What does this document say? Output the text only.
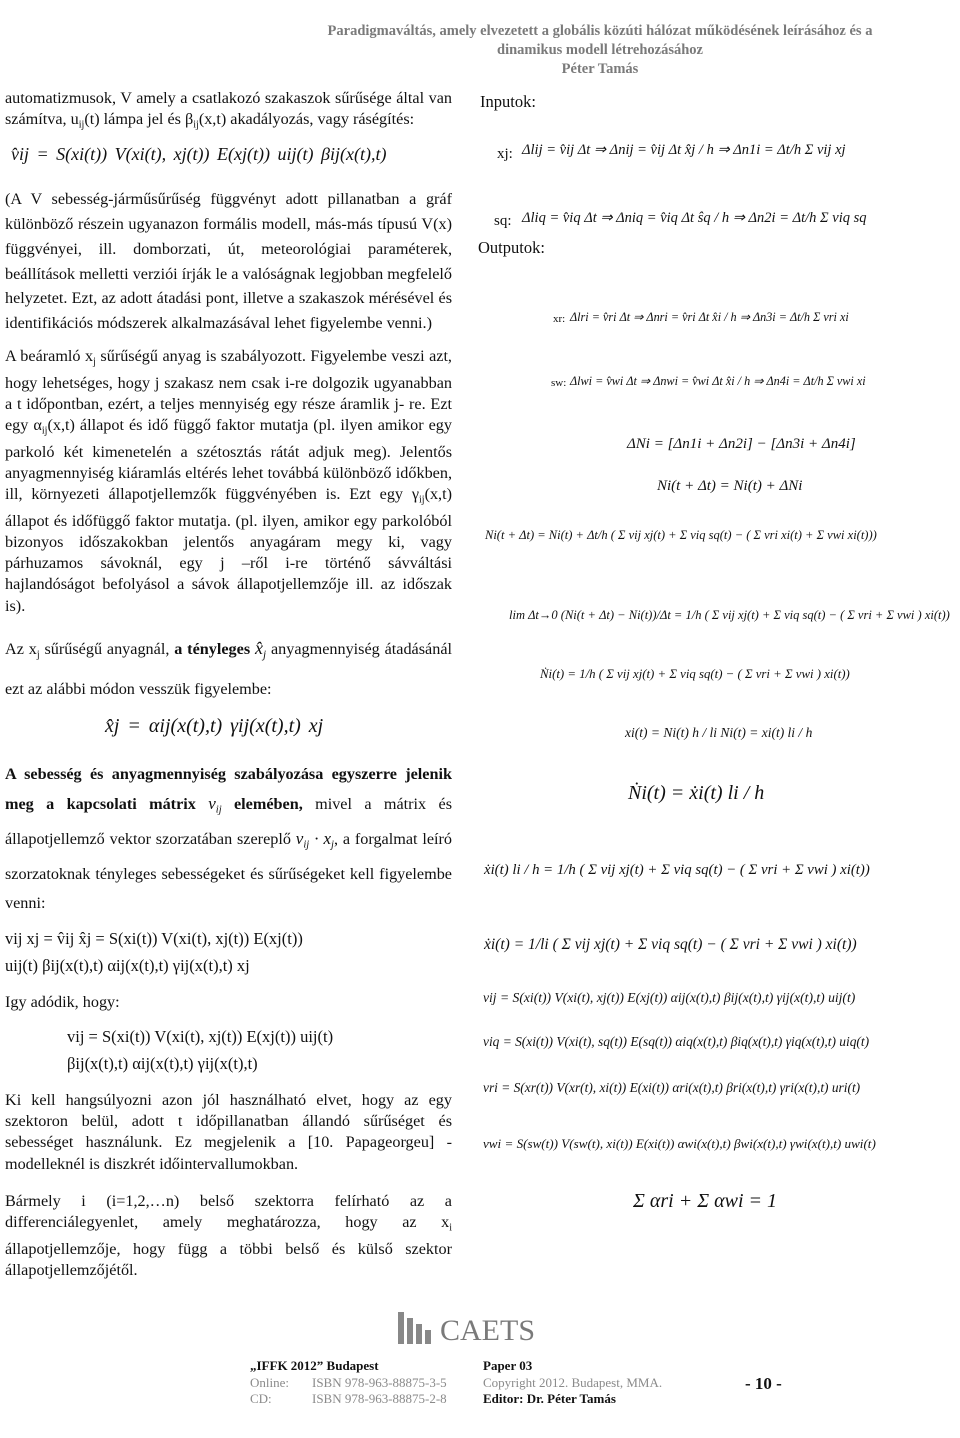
Paradigmaváltás, amely elvezetett a globális közúti hálózat működésének leírásához és a
dinamikus modell létrehozásához
Péter Tamás

automatizmusok, V amely a csatlakozó szakaszok sűrűsége által van számítva, $u_{ij}(t)$ lámpa jel és $\beta_{ij}(x,t)$ akadályozás, vagy ráségítés:

v̂ij = S(xi(t)) V(xi(t), xj(t)) E(xj(t)) uij(t) βij(x(t),t)

(A V sebesség-járműsűrűség függvényt adott pillanatban a gráf különböző részein ugyanazon formális modell, más-más típusú V(x) függvényei, ill. domborzati, út, meteorológiai paraméterek, beállítások melletti verziói írják le a valóságnak legjobban megfelelő helyzetet. Ezt, az adott átadási pont, illetve a szakaszok mérésével és identifikációs módszerek alkalmazásával lehet figyelembe venni.)

A beáramló $x_j$ sűrűségű anyag is szabályozott. Figyelembe veszi azt, hogy lehetséges, hogy j szakasz nem csak i-re dolgozik ugyanabban a t időpontban, ezért, a teljes mennyiség egy része áramlik j- re. Ezt egy $\alpha_{ij}(x,t)$ állapot és idő függő faktor mutatja (pl. ilyen amikor egy parkoló két kimenetelén a szétosztás rátát adjuk meg). Jelentős anyagmennyiség kiáramlás eltérés lehet továbbá különböző időkben, ill, környezeti állapotjellemzők függvényében is. Ezt egy $\gamma_{ij}(x,t)$ állapot és időfüggő faktor mutatja. (pl. ilyen, amikor egy parkolóból bizonyos időszakokban jelentős anyagáram megy ki, vagy párhuzamos sávoknál, egy j –ről i-re történő sávváltási hajlandóságot befolyásol a sávok állapotjellemzője ill. az időszak is).

Az $x_j$ sűrűségű anyagnál, a tényleges $x̂_j$ anyagmennyiség átadásánál ezt az alábbi módon vesszük figyelembe:

x̂j = αij(x(t),t) γij(x(t),t) xj

A sebesség és anyagmennyiség szabályozása egyszerre jelenik meg a kapcsolati mátrix $v_{ij}$ elemében, mivel a mátrix és állapotjellemző vektor szorzatában szereplő $v_{ij} \cdot x_j$, a forgalmat leíró szorzatoknak tényleges sebességeket és sűrűségeket kell figyelembe venni:

vij xj = v̂ij x̂j = S(xi(t)) V(xi(t), xj(t)) E(xj(t))
uij(t) βij(x(t),t) αij(x(t),t) γij(x(t),t) xj

Igy adódik, hogy:

vij = S(xi(t)) V(xi(t), xj(t)) E(xj(t)) uij(t)
βij(x(t),t) αij(x(t),t) γij(x(t),t)

Ki kell hangsúlyozni azon jól használható elvet, hogy az egy szektoron belül, adott t időpillanatban állandó sűrűséget és sebességet használunk. Ez megjelenik a [10. Papageorgeu] - modelleknél is diszkrét időintervallumokban.

Bármely i (i=1,2,…n) belső szektorra felírható az a differenciálegyenlet, amely meghatározza, hogy az $x_i$ állapotjellemzője, hogy függ a többi belső és külső szektor állapotjellemzőjétől.

Inputok:
xj: Δlij = v̂ij Δt ⇒ Δnij = v̂ij Δt x̂j / h ⇒ Δn1i = Δt/h Σ vij xj
sq: Δliq = v̂iq Δt ⇒ Δniq = v̂iq Δt ŝq / h ⇒ Δn2i = Δt/h Σ viq sq
Outputok:
xr: Δlri = v̂ri Δt ⇒ Δnri = v̂ri Δt x̂i / h ⇒ Δn3i = Δt/h Σ vri xi
sw: Δlwi = v̂wi Δt ⇒ Δnwi = v̂wi Δt x̂i / h ⇒ Δn4i = Δt/h Σ vwi xi
ΔNi = [Δn1i + Δn2i] − [Δn3i + Δn4i]
Ni(t + Δt) = Ni(t) + ΔNi
Ni(t + Δt) = Ni(t) + Δt/h ( Σ vij xj(t) + Σ viq sq(t) − ( Σ vri xi(t) + Σ vwi xi(t)))
lim Δt→0 (Ni(t + Δt) − Ni(t))/Δt = 1/h ( Σ vij xj(t) + Σ viq sq(t) − ( Σ vri + Σ vwi ) xi(t))
Ṅi(t) = 1/h ( Σ vij xj(t) + Σ viq sq(t) − ( Σ vri + Σ vwi ) xi(t))
xi(t) = Ni(t) h / li Ni(t) = xi(t) li / h
Ṅi(t) = ẋi(t) li / h
ẋi(t) li / h = 1/h ( Σ vij xj(t) + Σ viq sq(t) − ( Σ vri + Σ vwi ) xi(t))
ẋi(t) = 1/li ( Σ vij xj(t) + Σ viq sq(t) − ( Σ vri + Σ vwi ) xi(t))
vij = S(xi(t)) V(xi(t), xj(t)) E(xj(t)) αij(x(t),t) βij(x(t),t) γij(x(t),t) uij(t)
viq = S(xi(t)) V(xi(t), sq(t)) E(sq(t)) αiq(x(t),t) βiq(x(t),t) γiq(x(t),t) uiq(t)
vri = S(xr(t)) V(xr(t), xi(t)) E(xi(t)) αri(x(t),t) βri(x(t),t) γri(x(t),t) uri(t)
vwi = S(sw(t)) V(sw(t), xi(t)) E(xi(t)) αwi(x(t),t) βwi(x(t),t) γwi(x(t),t) uwi(t)
Σ αri + Σ αwi = 1
CAETS
„IFFK 2012” Budapest
Online: ISBN 978-963-88875-3-5
CD:	ISBN 978-963-88875-2-8
Paper 03
Copyright 2012. Budapest, MMA.
Editor: Dr. Péter Tamás
- 10 -
